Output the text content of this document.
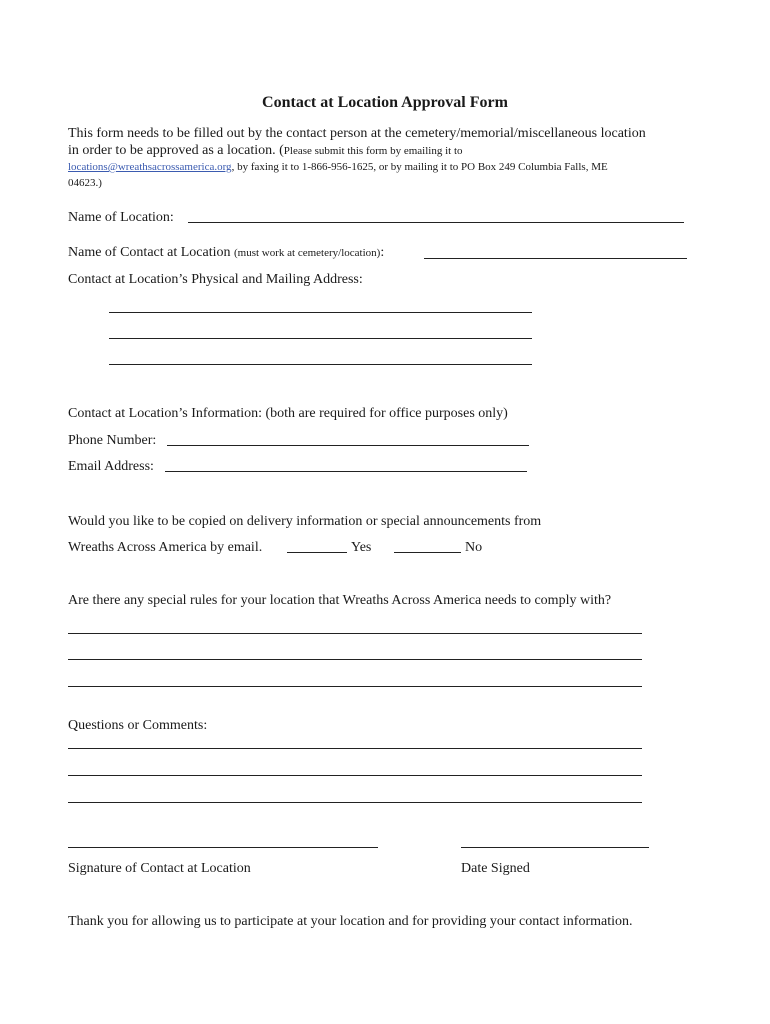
Contact at Location Approval Form
This form needs to be filled out by the contact person at the cemetery/memorial/miscellaneous location
in order to be approved as a location. (Please submit this form by emailing it to
locations@wreathsacrossamerica.org, by faxing it to 1-866-956-1625, or by mailing it to PO Box 249 Columbia Falls, ME
04623.)
Name of Location:
Name of Contact at Location (must work at cemetery/location):
Contact at Location’s Physical and Mailing Address:
Contact at Location’s Information: (both are required for office purposes only)
Phone Number:
Email Address:
Would you like to be copied on delivery information or special announcements from
Wreaths Across America by email.	Yes	No
Are there any special rules for your location that Wreaths Across America needs to comply with?
Questions or Comments:
Signature of Contact at Location	Date Signed
Thank you for allowing us to participate at your location and for providing your contact information.
